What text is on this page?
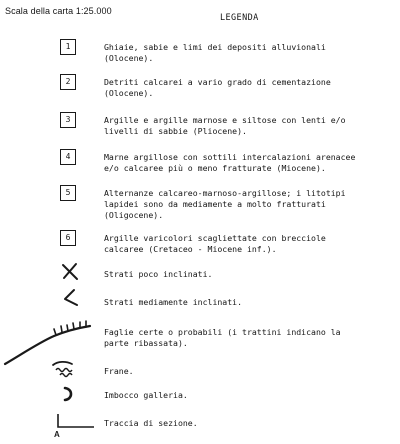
Scala della carta 1:25.000
LEGENDA
1	Ghiaie, sabie e limi dei depositi alluvionali
(Olocene).
2	Detriti calcarei a vario grado di cementazione
(Olocene).
3	Argille e argille marnose e siltose con lenti e/o
livelli di sabbie (Pliocene).
4	Marne argillose con sottili intercalazioni arenacee
e/o calcaree più o meno fratturate (Miocene).
5	Alternanze calcareo-marnoso-argillose; i litotipi
lapidei sono da mediamente a molto fratturati
(Oligocene).
6	Argille varicolori scagliettate con brecciole
calcaree (Cretaceo - Miocene inf.).
Strati poco inclinati.
Strati mediamente inclinati.
Faglie certe o probabili (i trattini indicano la
parte ribassata).
Frane.
Imbocco galleria.
A
Traccia di sezione.
